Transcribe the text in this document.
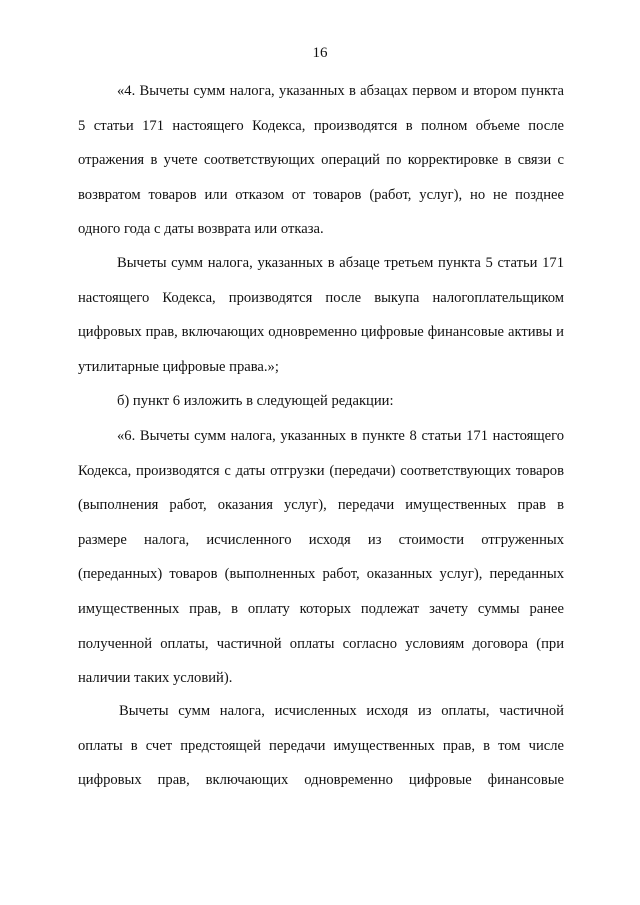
16

«4. Вычеты сумм налога, указанных в абзацах первом и втором пункта 5 статьи 171 настоящего Кодекса, производятся в полном объеме после отражения в учете соответствующих операций по корректировке в связи с возвратом товаров или отказом от товаров (работ, услуг), но не позднее одного года с даты возврата или отказа.

Вычеты сумм налога, указанных в абзаце третьем пункта 5 статьи 171 настоящего Кодекса, производятся после выкупа налогоплательщиком цифровых прав, включающих одновременно цифровые финансовые активы и утилитарные цифровые права.»;

б) пункт 6 изложить в следующей редакции:

«6. Вычеты сумм налога, указанных в пункте 8 статьи 171 настоящего Кодекса, производятся с даты отгрузки (передачи) соответствующих товаров (выполнения работ, оказания услуг), передачи имущественных прав в размере налога, исчисленного исходя из стоимости отгруженных (переданных) товаров (выполненных работ, оказанных услуг), переданных имущественных прав, в оплату которых подлежат зачету суммы ранее полученной оплаты, частичной оплаты согласно условиям договора (при наличии таких условий).

Вычеты сумм налога, исчисленных исходя из оплаты, частичной оплаты в счет предстоящей передачи имущественных прав, в том числе цифровых прав, включающих одновременно цифровые финансовые
